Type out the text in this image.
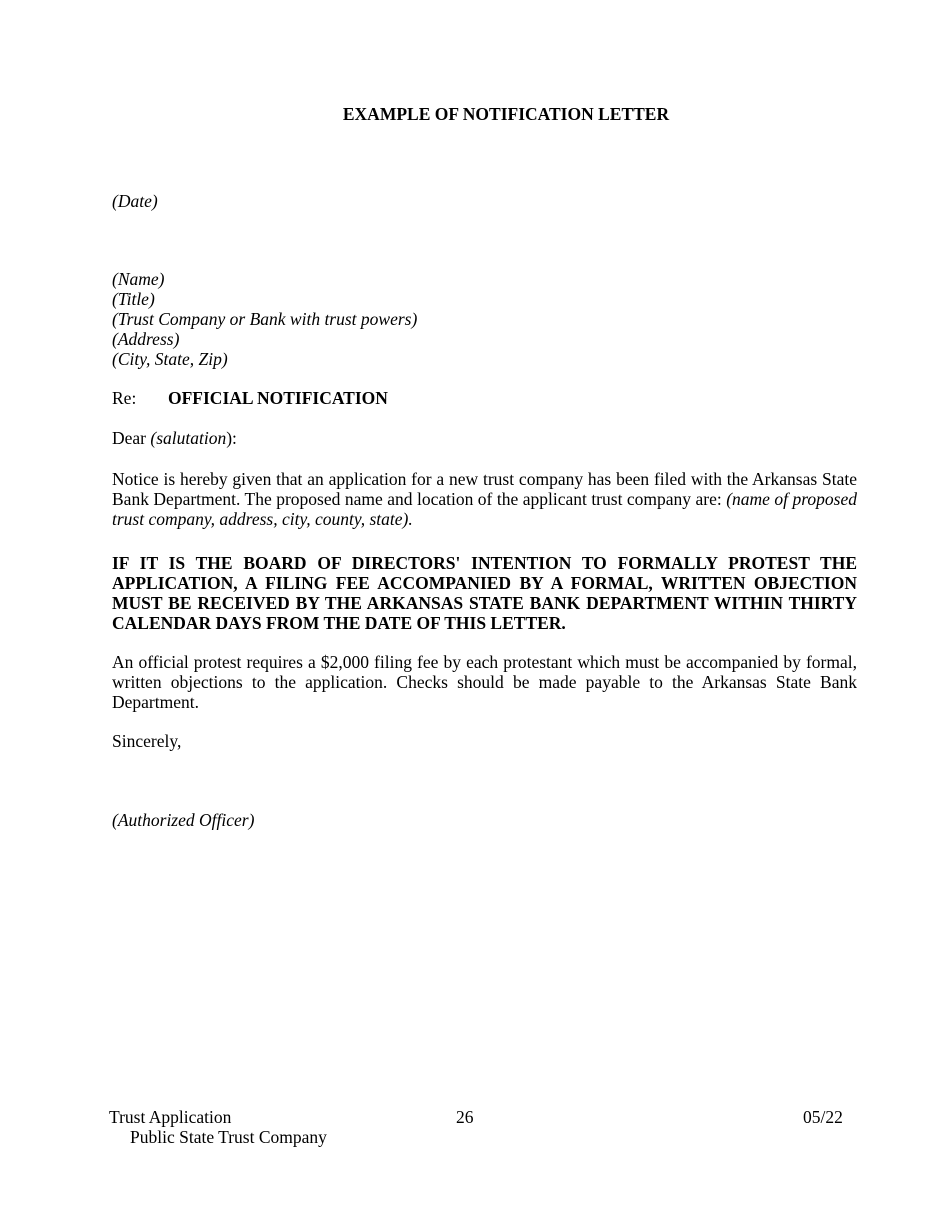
EXAMPLE OF NOTIFICATION LETTER
(Date)
(Name)
(Title)
(Trust Company or Bank with trust powers)
(Address)
(City, State, Zip)
Re: OFFICIAL NOTIFICATION
Dear (salutation):
Notice is hereby given that an application for a new trust company has been filed with the Arkansas State Bank Department. The proposed name and location of the applicant trust company are: (name of proposed trust company, address, city, county, state).
IF IT IS THE BOARD OF DIRECTORS' INTENTION TO FORMALLY PROTEST THE APPLICATION, A FILING FEE ACCOMPANIED BY A FORMAL, WRITTEN OBJECTION MUST BE RECEIVED BY THE ARKANSAS STATE BANK DEPARTMENT WITHIN THIRTY CALENDAR DAYS FROM THE DATE OF THIS LETTER.
An official protest requires a $2,000 filing fee by each protestant which must be accompanied by formal, written objections to the application. Checks should be made payable to the Arkansas State Bank Department.
Sincerely,
(Authorized Officer)
Trust Application
Public State Trust Company
26	05/22
